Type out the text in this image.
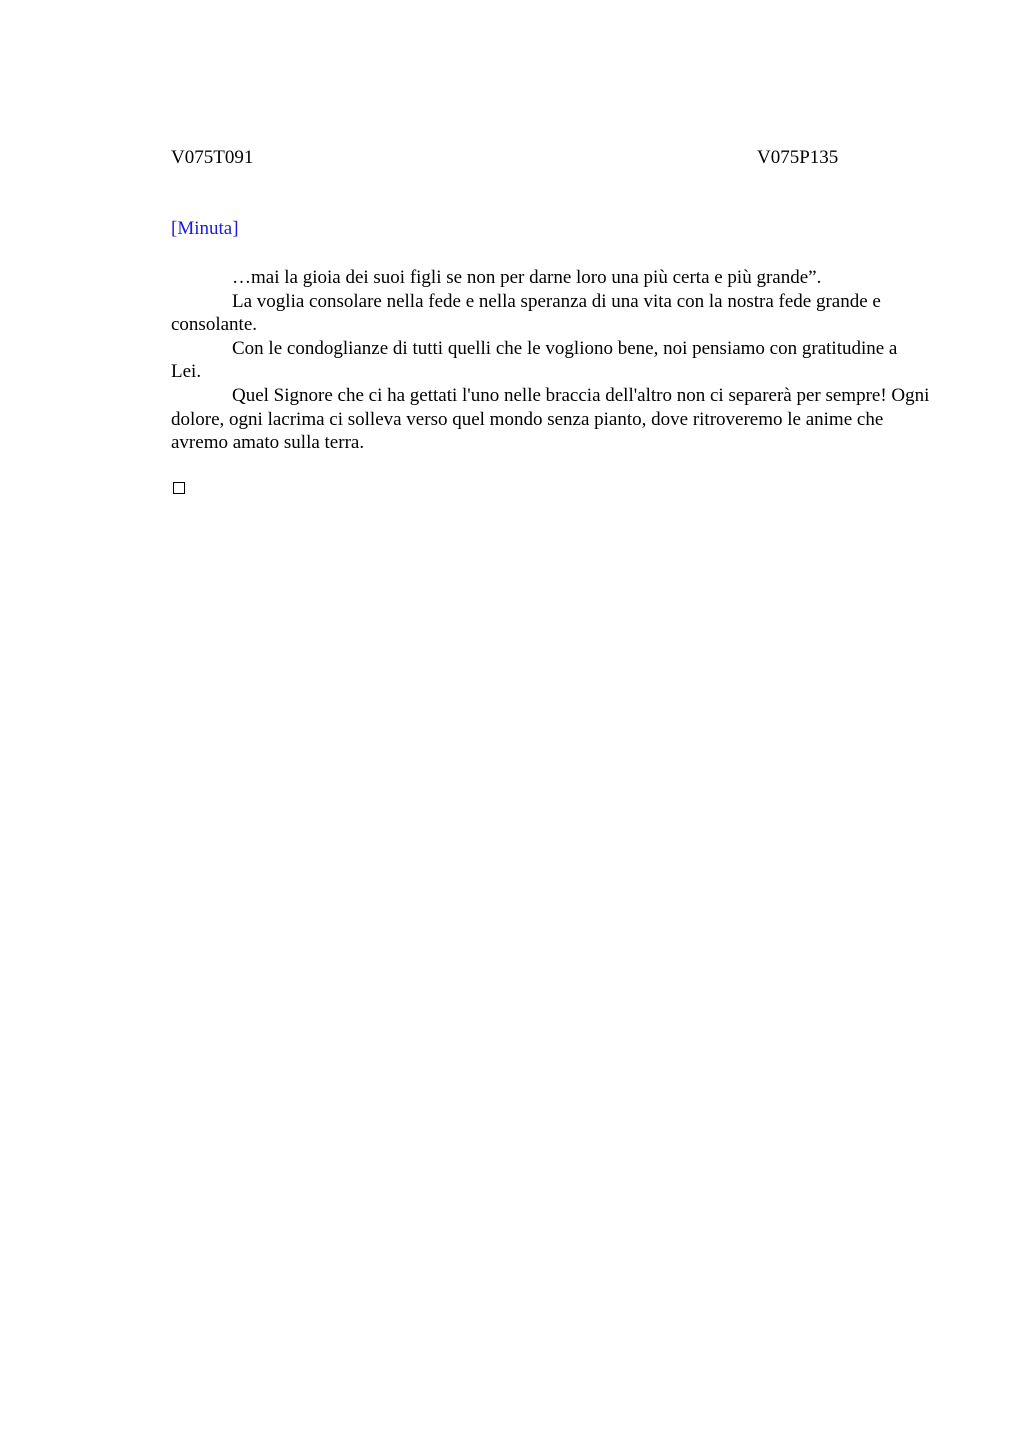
V075T091	V075P135
[Minuta]

…mai la gioia dei suoi figli se non per darne loro una più certa e più grande”.

La voglia consolare nella fede e nella speranza di una vita con la nostra fede grande e consolante.

Con le condoglianze di tutti quelli che le vogliono bene, noi pensiamo con gratitudine a Lei.

Quel Signore che ci ha gettati l'uno nelle braccia dell'altro non ci separerà per sempre! Ogni dolore, ogni lacrima ci solleva verso quel mondo senza pianto, dove ritroveremo le anime che avremo amato sulla terra.
